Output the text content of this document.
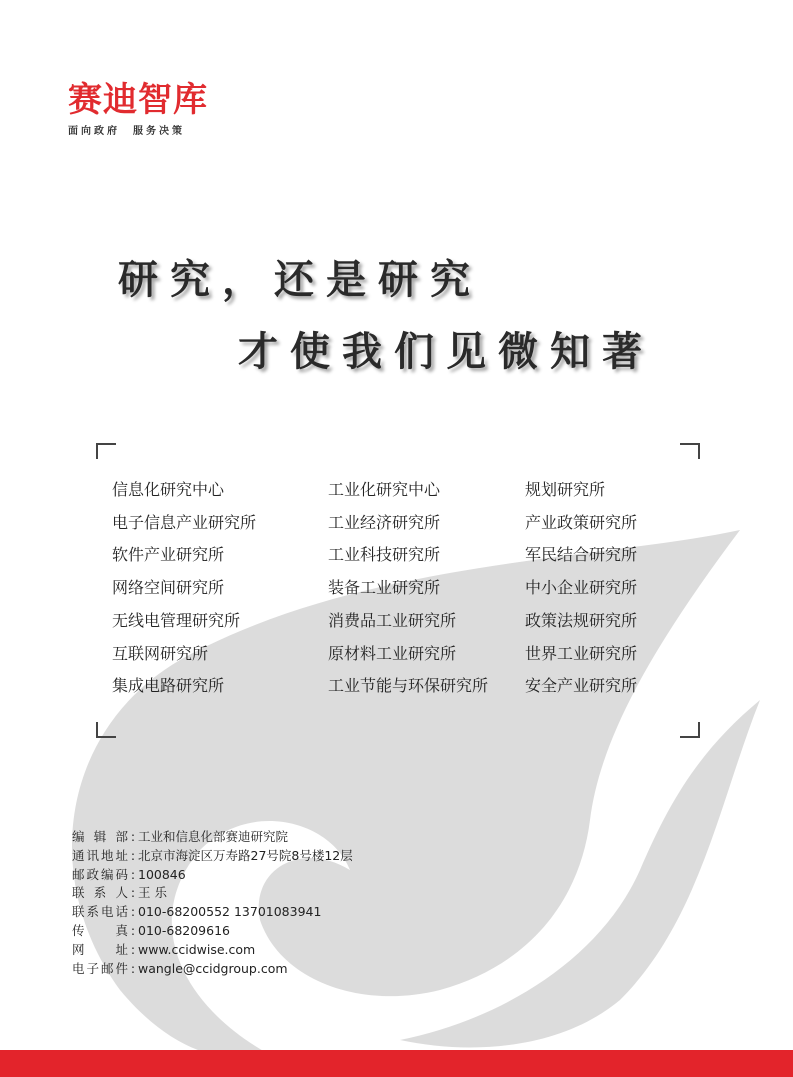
赛迪智库
面向政府  服务决策
研究，还是研究
才使我们见微知著
信息化研究中心
电子信息产业研究所
软件产业研究所
网络空间研究所
无线电管理研究所
互联网研究所
集成电路研究所
工业化研究中心
工业经济研究所
工业科技研究所
装备工业研究所
消费品工业研究所
原材料工业研究所
工业节能与环保研究所
规划研究所
产业政策研究所
军民结合研究所
中小企业研究所
政策法规研究所
世界工业研究所
安全产业研究所
编辑部 : 工业和信息化部赛迪研究院
通讯地址 : 北京市海淀区万寿路27号院8号楼12层
邮政编码 : 100846
联系人 : 王 乐
联系电话 : 010-68200552 13701083941
传真 : 010-68209616
网址 : www.ccidwise.com
电子邮件 : wangle@ccidgroup.com
